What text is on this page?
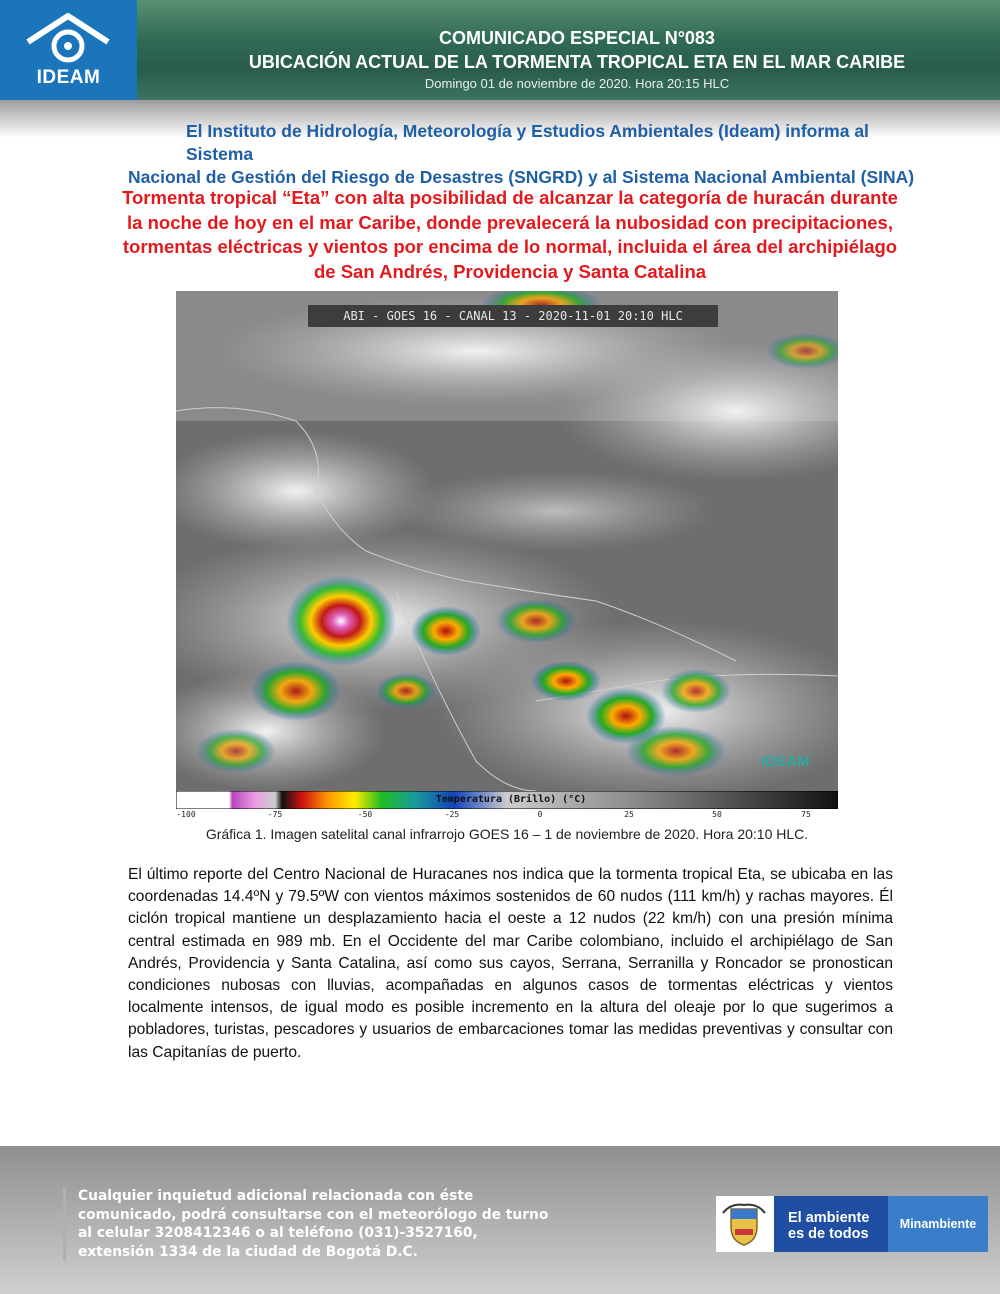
IDEAM
COMUNICADO ESPECIAL N°083
UBICACIÓN ACTUAL DE LA TORMENTA TROPICAL ETA EN EL MAR CARIBE
Domingo 01 de noviembre de 2020. Hora 20:15 HLC
El Instituto de Hidrología, Meteorología y Estudios Ambientales (Ideam) informa al Sistema
Nacional de Gestión del Riesgo de Desastres (SNGRD) y al Sistema Nacional Ambiental (SINA)
Tormenta tropical “Eta” con alta posibilidad de alcanzar la categoría de huracán durante la noche de hoy en el mar Caribe, donde prevalecerá la nubosidad con precipitaciones, tormentas eléctricas y vientos por encima de lo normal, incluida el área del archipiélago de San Andrés, Providencia y Santa Catalina
ABI - GOES 16 - CANAL 13 - 2020-11-01 20:10 HLC
IDEAM
Temperatura (Brillo) (°C)
-100	-75	-50	-25	0	25	50	75
Gráfica 1. Imagen satelital canal infrarrojo GOES 16 – 1 de noviembre de 2020. Hora 20:10 HLC.
El último reporte del Centro Nacional de Huracanes nos indica que la tormenta tropical Eta, se ubicaba en las coordenadas 14.4ºN y 79.5ºW con vientos máximos sostenidos de 60 nudos (111 km/h) y rachas mayores. Él ciclón tropical mantiene un desplazamiento hacia el oeste a 12 nudos (22 km/h) con una presión mínima central estimada en 989 mb. En el Occidente del mar Caribe colombiano, incluido el archipiélago de San Andrés, Providencia y Santa Catalina, así como sus cayos, Serrana, Serranilla y Roncador se pronostican condiciones nubosas con lluvias, acompañadas en algunos casos de tormentas eléctricas y vientos localmente intensos, de igual modo es posible incremento en la altura del oleaje por lo que sugerimos a pobladores, turistas, pescadores y usuarios de embarcaciones tomar las medidas preventivas y consultar con las Capitanías de puerto.
Cualquier inquietud adicional relacionada con éste comunicado, podrá consultarse con el meteorólogo de turno al celular 3208412346 o al teléfono (031)-3527160, extensión 1334 de la ciudad de Bogotá D.C.
El ambiente es de todos
Minambiente
